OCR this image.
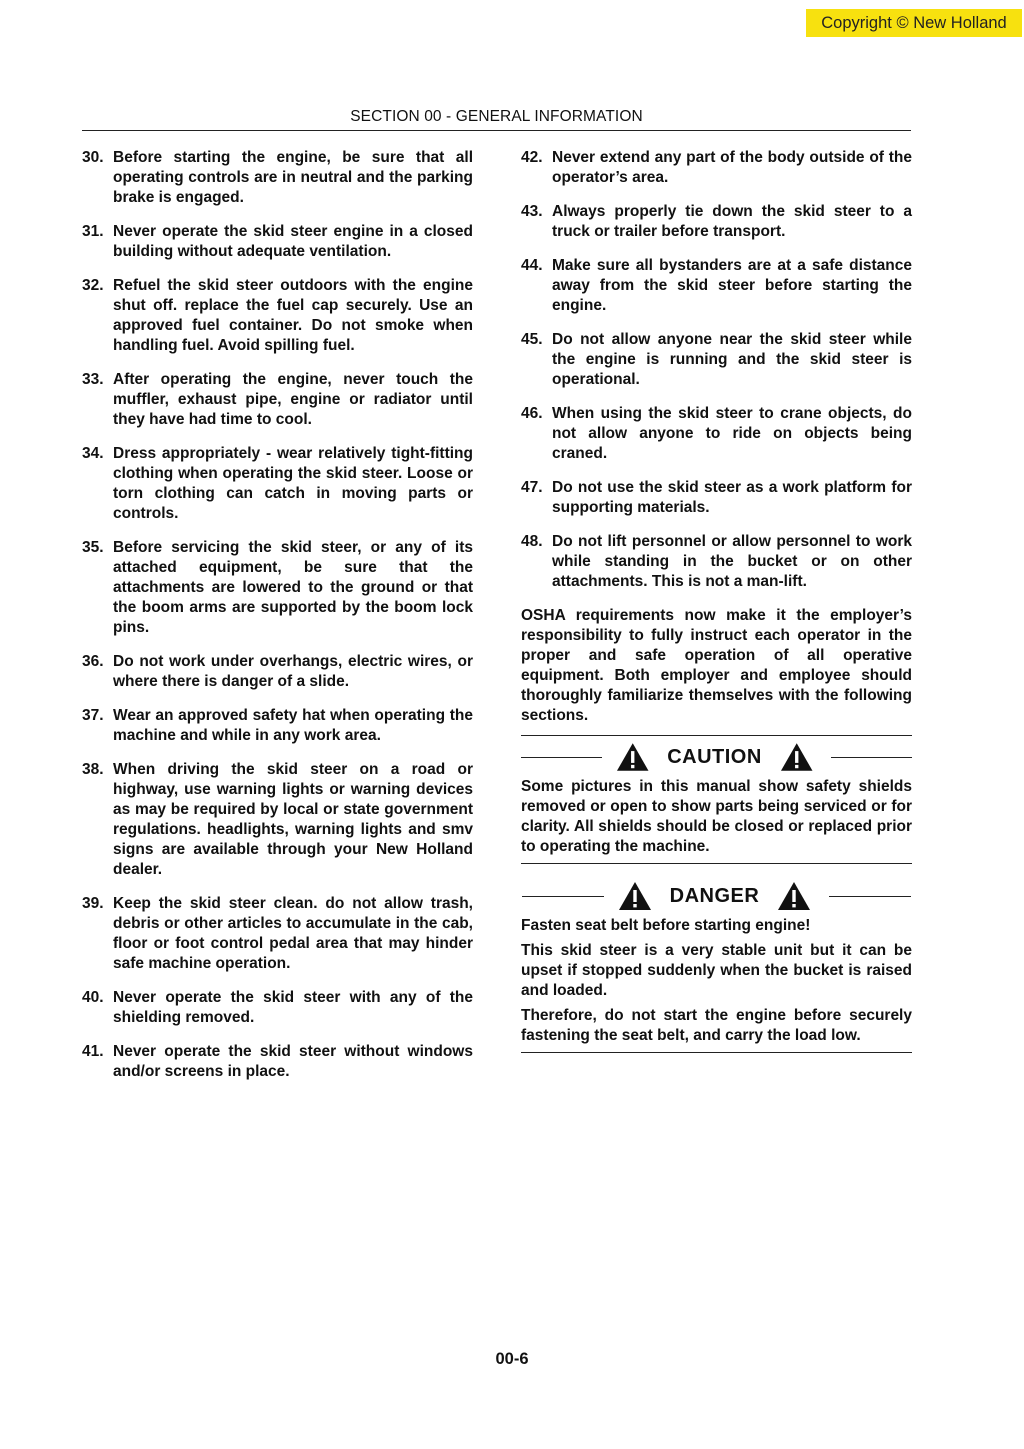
Copyright © New Holland
SECTION 00 - GENERAL INFORMATION
30. Before starting the engine, be sure that all operating controls are in neutral and the parking brake is engaged.
31. Never operate the skid steer engine in a closed building without adequate ventilation.
32. Refuel the skid steer outdoors with the engine shut off. replace the fuel cap securely. Use an approved fuel container. Do not smoke when handling fuel. Avoid spilling fuel.
33. After operating the engine, never touch the muffler, exhaust pipe, engine or radiator until they have had time to cool.
34. Dress appropriately - wear relatively tight-fitting clothing when operating the skid steer. Loose or torn clothing can catch in moving parts or controls.
35. Before servicing the skid steer, or any of its attached equipment, be sure that the attachments are lowered to the ground or that the boom arms are supported by the boom lock pins.
36. Do not work under overhangs, electric wires, or where there is danger of a slide.
37. Wear an approved safety hat when operating the machine and while in any work area.
38. When driving the skid steer on a road or highway, use warning lights or warning devices as may be required by local or state government regulations. headlights, warning lights and smv signs are available through your New Holland dealer.
39. Keep the skid steer clean. do not allow trash, debris or other articles to accumulate in the cab, floor or foot control pedal area that may hinder safe machine operation.
40. Never operate the skid steer with any of the shielding removed.
41. Never operate the skid steer without windows and/or screens in place.
42. Never extend any part of the body outside of the operator’s area.
43. Always properly tie down the skid steer to a truck or trailer before transport.
44. Make sure all bystanders are at a safe distance away from the skid steer before starting the engine.
45. Do not allow anyone near the skid steer while the engine is running and the skid steer is operational.
46. When using the skid steer to crane objects, do not allow anyone to ride on objects being craned.
47. Do not use the skid steer as a work platform for supporting materials.
48. Do not lift personnel or allow personnel to work while standing in the bucket or on other attachments. This is not a man-lift.

OSHA requirements now make it the employer’s responsibility to fully instruct each operator in the proper and safe operation of all operative equipment. Both employer and employee should thoroughly familiarize themselves with the following sections.

CAUTION

Some pictures in this manual show safety shields removed or open to show parts being serviced or for clarity. All shields should be closed or replaced prior to operating the machine.

DANGER

Fasten seat belt before starting engine!

This skid steer is a very stable unit but it can be upset if stopped suddenly when the bucket is raised and loaded.

Therefore, do not start the engine before securely fastening the seat belt, and carry the load low.

00-6
